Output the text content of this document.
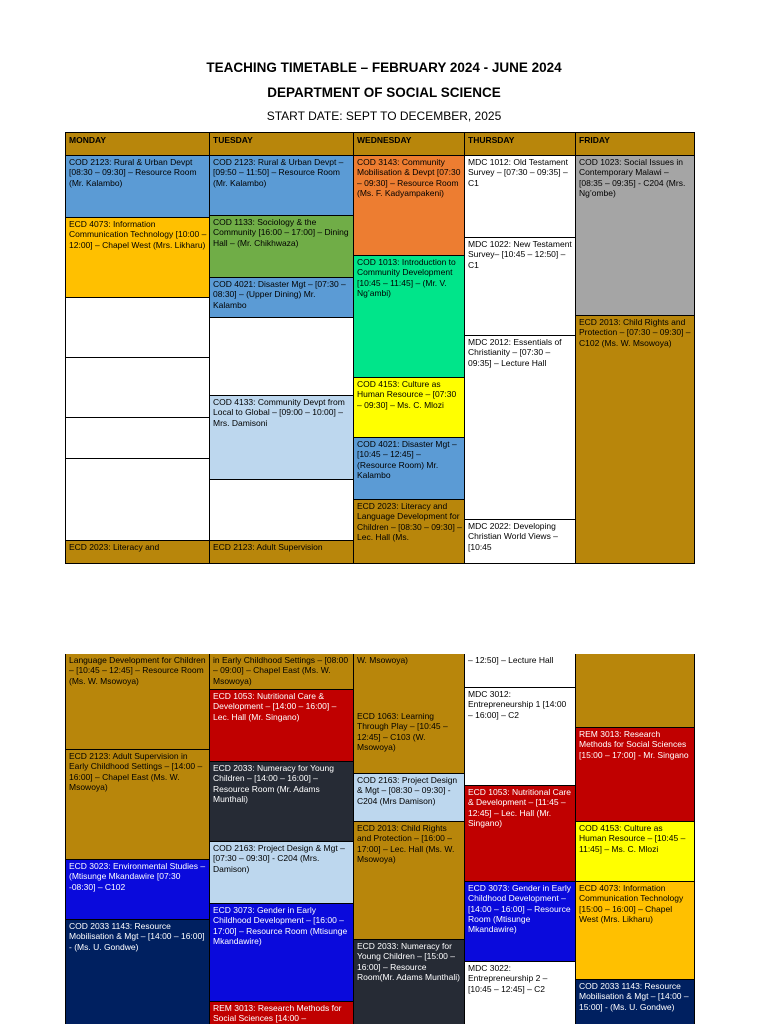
TEACHING TIMETABLE – FEBRUARY 2024 - JUNE 2024
DEPARTMENT OF SOCIAL SCIENCE
START DATE: SEPT TO DECEMBER, 2025
MONDAY
COD 2123: Rural & Urban Devpt [08:30 – 09:30] – Resource Room (Mr. Kalambo)
ECD 4073: Information Communication Technology [10:00 – 12:00] – Chapel West (Mrs. Likharu)
ECD 2023: Literacy and
TUESDAY
COD 2123: Rural & Urban Devpt – [09:50 – 11:50] – Resource Room (Mr. Kalambo)
COD 1133: Sociology & the Community [16:00 – 17:00] – Dining Hall – (Mr. Chikhwaza)
COD 4021: Disaster Mgt – [07:30 – 08:30] – (Upper Dining) Mr. Kalambo
COD 4133: Community Devpt from Local to Global – [09:00 – 10:00] – Mrs. Damisoni
ECD 2123: Adult Supervision
WEDNESDAY
COD 3143: Community Mobilisation & Devpt [07:30 – 09:30] – Resource Room (Ms. F. Kadyampakeni)
COD 1013: Introduction to Community Development [10:45 – 11:45] – (Mr. V. Ng’ambi)
COD 4153: Culture as Human Resource – [07:30 – 09:30] – Ms. C. Mlozi
COD 4021: Disaster Mgt – [10:45 – 12:45] – (Resource Room) Mr. Kalambo
ECD 2023: Literacy and Language Development for Children – [08:30 – 09:30] – Lec. Hall (Ms.
THURSDAY
MDC 1012: Old Testament Survey – [07:30 – 09:35] – C1
MDC 1022: New Testament Survey– [10:45 – 12:50] – C1
MDC 2012: Essentials of Christianity – [07:30 – 09:35] – Lecture Hall
MDC 2022: Developing Christian World Views – [10:45
FRIDAY
COD 1023: Social Issues in Contemporary Malawi – [08:35 – 09:35] - C204 (Mrs. Ng’ombe)
ECD 2013: Child Rights and Protection – [07:30 – 09:30] – C102 (Ms. W. Msowoya)
Language Development for Children – [10:45 – 12:45] – Resource Room (Ms. W. Msowoya)
ECD 2123: Adult Supervision in Early Childhood Settings – [14:00 – 16:00] – Chapel East (Ms. W. Msowoya)
ECD 3023: Environmental Studies – (Mtisunge Mkandawire [07:30 -08:30] – C102
COD 2033 1143: Resource Mobilisation & Mgt – [14:00 – 16:00] - (Ms. U. Gondwe)
in Early Childhood Settings – [08:00 – 09:00] – Chapel East (Ms. W. Msowoya)
ECD 1053: Nutritional Care & Development – [14:00 – 16:00] – Lec. Hall (Mr. Singano)
ECD 2033: Numeracy for Young Children – [14:00 – 16:00] – Resource Room (Mr. Adams Munthali)
COD 2163: Project Design & Mgt – [07:30 – 09:30] - C204 (Mrs. Damison)
ECD 3073: Gender in Early Childhood Development – [16:00 – 17:00] – Resource Room (Mtisunge Mkandawire)
REM 3013: Research Methods for Social Sciences [14:00 –
W. Msowoya)
ECD 1063: Learning Through Play – [10:45 – 12:45] – C103 (W. Msowoya)
COD 2163: Project Design & Mgt – [08:30 – 09:30] - C204 (Mrs Damison)
ECD 2013: Child Rights and Protection – [16:00 – 17:00] – Lec. Hall (Ms. W. Msowoya)
ECD 2033: Numeracy for Young Children – [15:00 – 16:00] – Resource Room(Mr. Adams Munthali)
– 12:50] – Lecture Hall
MDC 3012: Entrepreneurship 1 [14:00 – 16:00] – C2
ECD 1053: Nutritional Care & Development – [11:45 – 12:45] – Lec. Hall (Mr. Singano)
ECD 3073: Gender in Early Childhood Development – [14:00 – 16:00] – Resource Room (Mtisunge Mkandawire)
MDC 3022: Entrepreneurship 2 – [10:45 – 12:45] – C2
REM 3013: Research Methods for Social Sciences [15:00 – 17:00] - Mr. Singano
COD 4153: Culture as Human Resource – [10:45 – 11:45] – Ms. C. Mlozi
ECD 4073: Information Communication Technology [15:00 – 16:00] – Chapel West (Mrs. Likharu)
COD 2033 1143: Resource Mobilisation & Mgt – [14:00 – 15:00] - (Ms. U. Gondwe)
